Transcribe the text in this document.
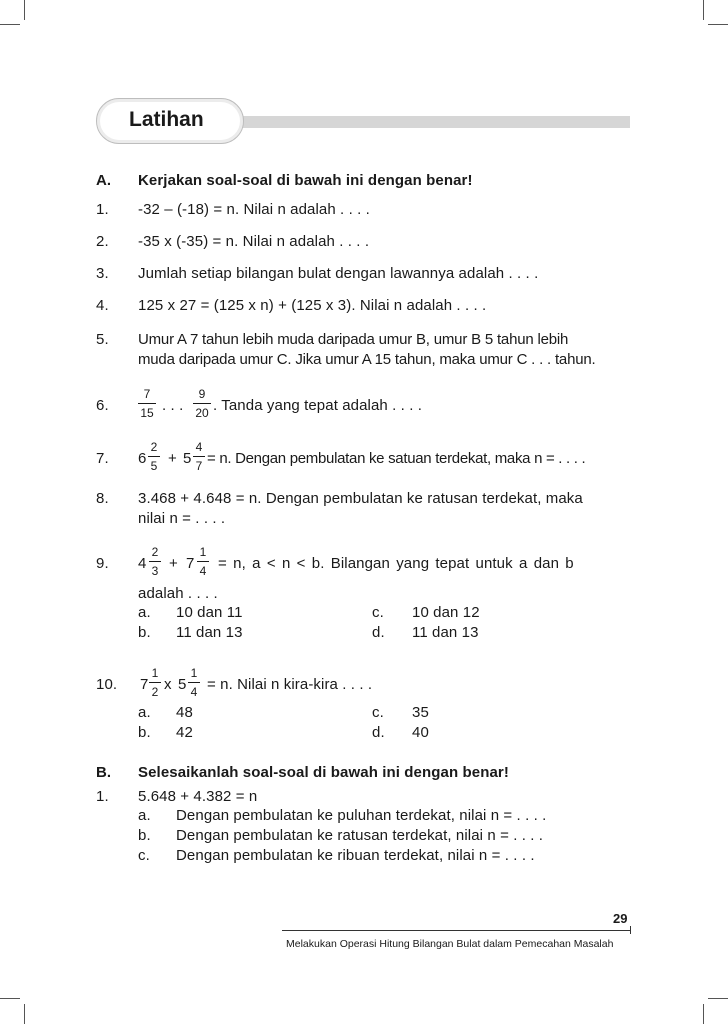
Latihan
A. Kerjakan soal-soal di bawah ini dengan benar!
1. -32 – (-18) = n. Nilai n adalah . . . .
2. -35 x (-35) = n. Nilai n adalah . . . .
3. Jumlah setiap bilangan bulat dengan lawannya adalah . . . .
4. 125 x 27 = (125 x n) + (125 x 3). Nilai n adalah . . . .
5. Umur A 7 tahun lebih muda daripada umur B, umur B 5 tahun lebih
muda daripada umur C. Jika umur A 15 tahun, maka umur C . . . tahun.
6.
7
15 . . .
9
20 . Tanda yang tepat adalah . . . .
7. 6
2
5 + 5
4
7 = n. Dengan pembulatan ke satuan terdekat, maka n = . . . .
8. 3.468 + 4.648 = n. Dengan pembulatan ke ratusan terdekat, maka
nilai n = . . . .
9. 4
2
3 + 7
1
4 = n, a < n < b. Bilangan yang tepat untuk a dan b
adalah . . . .
a. 10 dan 11
b. 11 dan 13
c. 10 dan 12
d. 11 dan 13
10. 7
1
2 x 5
1
4 = n. Nilai n kira-kira . . . .
a. 48
b. 42
c. 35
d. 40
B. Selesaikanlah soal-soal di bawah ini dengan benar!
1. 5.648 + 4.382 = n
a. Dengan pembulatan ke puluhan terdekat, nilai n = . . . .
b. Dengan pembulatan ke ratusan terdekat, nilai n = . . . .
c. Dengan pembulatan ke ribuan terdekat, nilai n = . . . .
29
Melakukan Operasi Hitung Bilangan Bulat dalam Pemecahan Masalah
